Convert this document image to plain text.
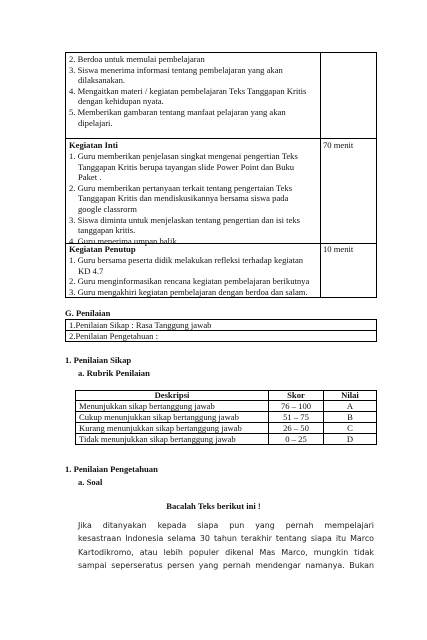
2. Berdoa untuk memulai pembelajaran
3. Siswa menerima informasi tentang pembelajaran yang akan
dilaksanakan.
4. Mengaitkan materi / kegiatan pembelajaran Teks Tanggapan Kritis
dengan kehidupan nyata.
5. Memberikan gambaran tentang manfaat pelajaran yang akan
dipelajari.
Kegiatan Inti	70 menit
1. Guru memberikan penjelasan singkat mengenai pengertian Teks
Tanggapan Kritis berupa tayangan slide Power Point dan Buku
Paket .
2. Guru memberikan pertanyaan terkait tentang pengertaian Teks
Tanggapan Kritis dan mendiskusikannya bersama siswa pada
google classrorm
3. Siswa diminta untuk menjelaskan tentang pengertian dan isi teks
tanggapan kritis.
4. Guru menerima umpan balik
Kegiatan Penutup	10 menit
1. Guru bersama peserta didik melakukan refleksi terhadap kegiatan
KD 4.7
2. Guru menginformasikan rencana kegiatan pembelajaran berikutnya
3. Guru mengakhiri kegiatan pembelajaran dengan berdoa dan salam.
G. Penilaian
1.Penilaian Sikap : Rasa Tanggung jawab
2.Penilaian Pengetahuan :
1. Penilaian Sikap
a. Rubrik Penilaian
Deskripsi	Skor	Nilai
Menunjukkan sikap bertanggung jawab	76 – 100	A
Cukup menunjukkan sikap bertanggung jawab	51 – 75	B
Kurang menunjukkan sikap bertanggung jawab	26 – 50	C
Tidak menunjukkan sikap bertanggung jawab	0 – 25	D
1. Penilaian Pengetahuan
a. Soal
Bacalah Teks berikut ini !
Jika ditanyakan kepada siapa pun yang pernah mempelajari
kesastraan Indonesia selama 30 tahun terakhir tentang siapa itu Marco
Kartodikromo, atau lebih populer dikenal Mas Marco, mungkin tidak
sampai seperseratus persen yang pernah mendengar namanya. Bukan
